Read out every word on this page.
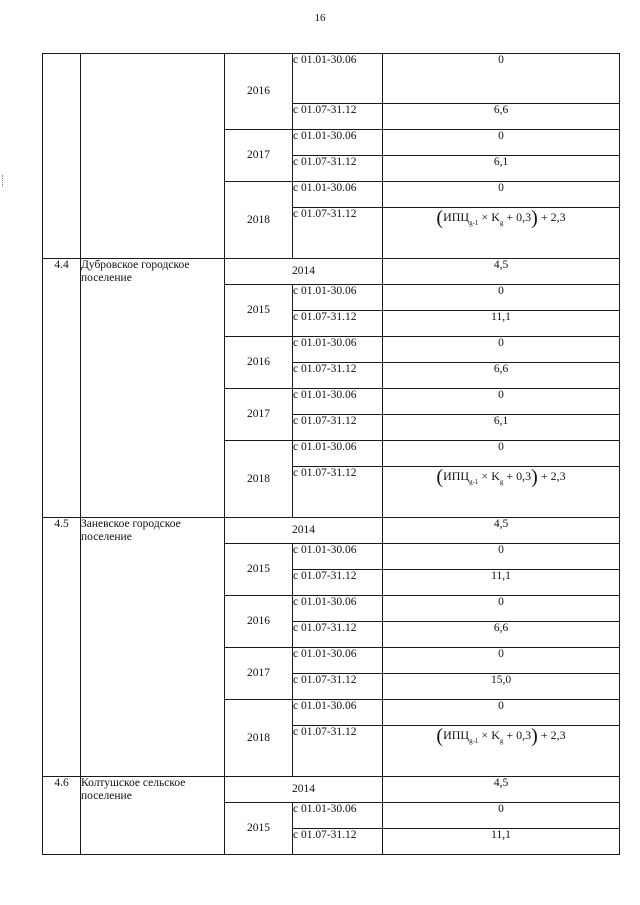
16
		2016	с 01.01-30.06	0
			с 01.07-31.12	6,6
		2017	с 01.01-30.06	0
			с 01.07-31.12	6,1
		2018	с 01.01-30.06	0
			с 01.07-31.12	$(ИПЦ_{g-1} \times K_g + 0,3) + 2,3$
4.4	Дубровское городское поселение	2014		4,5
		2015	с 01.01-30.06	0
			с 01.07-31.12	11,1
		2016	с 01.01-30.06	0
			с 01.07-31.12	6,6
		2017	с 01.01-30.06	0
			с 01.07-31.12	6,1
		2018	с 01.01-30.06	0
			с 01.07-31.12	$(ИПЦ_{g-1} \times K_g + 0,3) + 2,3$
4.5	Заневское городское поселение	2014		4,5
		2015	с 01.01-30.06	0
			с 01.07-31.12	11,1
		2016	с 01.01-30.06	0
			с 01.07-31.12	6,6
		2017	с 01.01-30.06	0
			с 01.07-31.12	15,0
		2018	с 01.01-30.06	0
			с 01.07-31.12	$(ИПЦ_{g-1} \times K_g + 0,3) + 2,3$
4.6	Колтушское сельское поселение	2014		4,5
		2015	с 01.01-30.06	0
			с 01.07-31.12	11,1
